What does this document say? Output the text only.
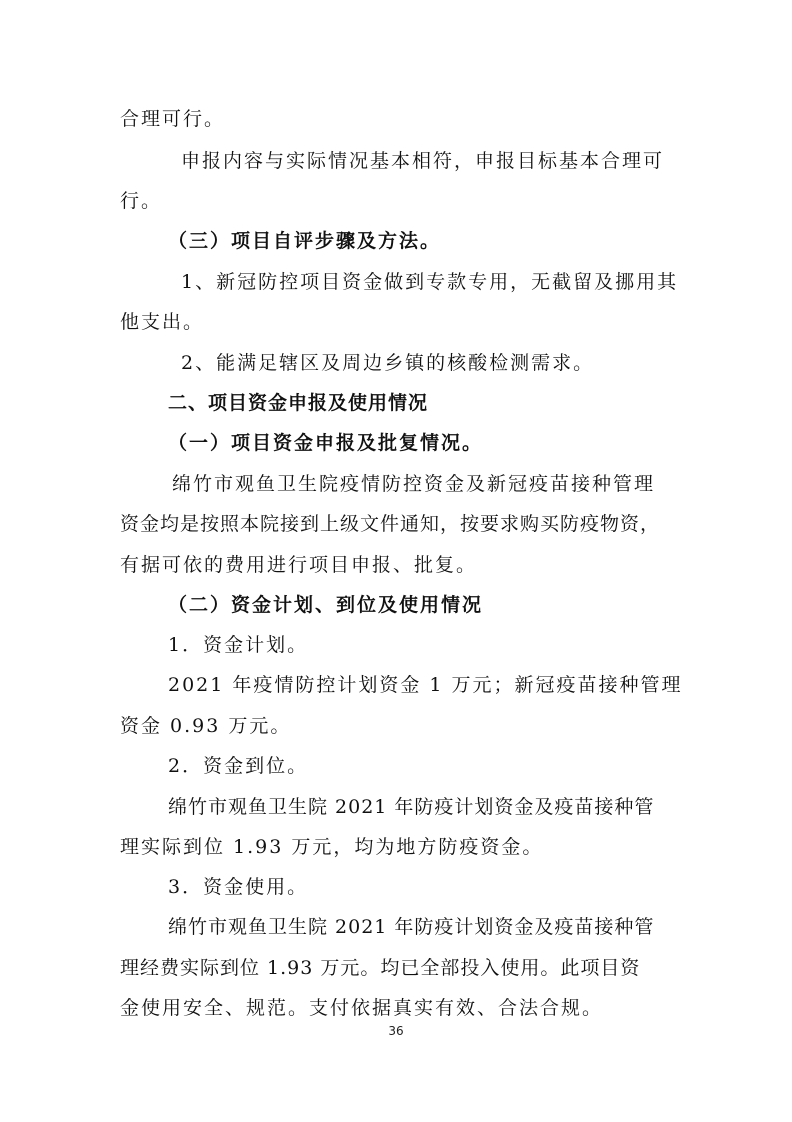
合理可行。
申报内容与实际情况基本相符，申报目标基本合理可
行。
（三）项目自评步骤及方法。
1、新冠防控项目资金做到专款专用，无截留及挪用其
他支出。
2、能满足辖区及周边乡镇的核酸检测需求。
二、项目资金申报及使用情况
（一）项目资金申报及批复情况。
绵竹市观鱼卫生院疫情防控资金及新冠疫苗接种管理
资金均是按照本院接到上级文件通知，按要求购买防疫物资，
有据可依的费用进行项目申报、批复。
（二）资金计划、到位及使用情况
1．资金计划。
2021 年疫情防控计划资金 1 万元；新冠疫苗接种管理
资金 0.93 万元。
2．资金到位。
绵竹市观鱼卫生院 2021 年防疫计划资金及疫苗接种管
理实际到位 1.93 万元，均为地方防疫资金。
3．资金使用。
绵竹市观鱼卫生院 2021 年防疫计划资金及疫苗接种管
理经费实际到位 1.93 万元。均已全部投入使用。此项目资
金使用安全、规范。支付依据真实有效、合法合规。
36
